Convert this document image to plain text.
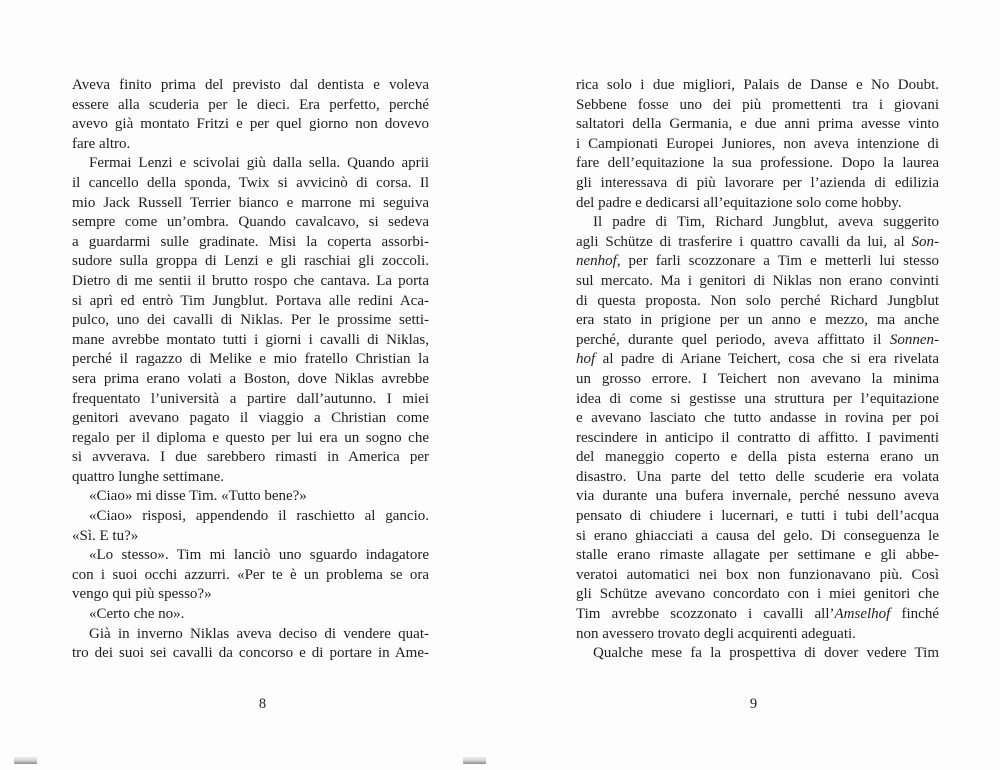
Aveva finito prima del previsto dal dentista e voleva
essere alla scuderia per le dieci. Era perfetto, perché
avevo già montato Fritzi e per quel giorno non dovevo
fare altro.
Fermai Lenzi e scivolai giù dalla sella. Quando aprii
il cancello della sponda, Twix si avvicinò di corsa. Il
mio Jack Russell Terrier bianco e marrone mi seguiva
sempre come un’ombra. Quando cavalcavo, si sedeva
a guardarmi sulle gradinate. Misi la coperta assorbi-
sudore sulla groppa di Lenzi e gli raschiai gli zoccoli.
Dietro di me sentii il brutto rospo che cantava. La porta
si aprì ed entrò Tim Jungblut. Portava alle redini Aca-
pulco, uno dei cavalli di Niklas. Per le prossime setti-
mane avrebbe montato tutti i giorni i cavalli di Niklas,
perché il ragazzo di Melike e mio fratello Christian la
sera prima erano volati a Boston, dove Niklas avrebbe
frequentato l’università a partire dall’autunno. I miei
genitori avevano pagato il viaggio a Christian come
regalo per il diploma e questo per lui era un sogno che
si avverava. I due sarebbero rimasti in America per
quattro lunghe settimane.
«Ciao» mi disse Tim. «Tutto bene?»
«Ciao» risposi, appendendo il raschietto al gancio.
«Sì. E tu?»
«Lo stesso». Tim mi lanciò uno sguardo indagatore
con i suoi occhi azzurri. «Per te è un problema se ora
vengo qui più spesso?»
«Certo che no».
Già in inverno Niklas aveva deciso di vendere quat-
tro dei suoi sei cavalli da concorso e di portare in Ame-
rica solo i due migliori, Palais de Danse e No Doubt.
Sebbene fosse uno dei più promettenti tra i giovani
saltatori della Germania, e due anni prima avesse vinto
i Campionati Europei Juniores, non aveva intenzione di
fare dell’equitazione la sua professione. Dopo la laurea
gli interessava di più lavorare per l’azienda di edilizia
del padre e dedicarsi all’equitazione solo come hobby.
Il padre di Tim, Richard Jungblut, aveva suggerito
agli Schütze di trasferire i quattro cavalli da lui, al Son-
nenhof, per farli scozzonare a Tim e metterli lui stesso
sul mercato. Ma i genitori di Niklas non erano convinti
di questa proposta. Non solo perché Richard Jungblut
era stato in prigione per un anno e mezzo, ma anche
perché, durante quel periodo, aveva affittato il Sonnen-
hof al padre di Ariane Teichert, cosa che si era rivelata
un grosso errore. I Teichert non avevano la minima
idea di come si gestisse una struttura per l’equitazione
e avevano lasciato che tutto andasse in rovina per poi
rescindere in anticipo il contratto di affitto. I pavimenti
del maneggio coperto e della pista esterna erano un
disastro. Una parte del tetto delle scuderie era volata
via durante una bufera invernale, perché nessuno aveva
pensato di chiudere i lucernari, e tutti i tubi dell’acqua
si erano ghiacciati a causa del gelo. Di conseguenza le
stalle erano rimaste allagate per settimane e gli abbe-
veratoi automatici nei box non funzionavano più. Così
gli Schütze avevano concordato con i miei genitori che
Tim avrebbe scozzonato i cavalli all’Amselhof finché
non avessero trovato degli acquirenti adeguati.
Qualche mese fa la prospettiva di dover vedere Tim
8	9
